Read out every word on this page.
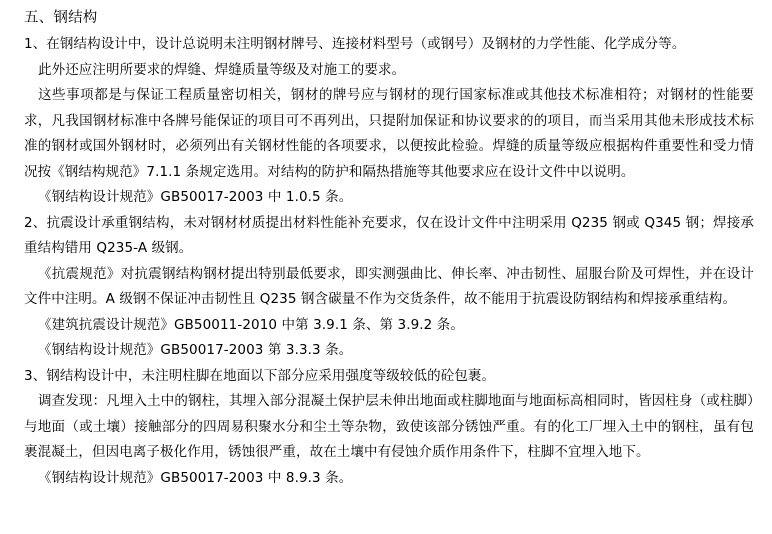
五、钢结构

1、在钢结构设计中，设计总说明未注明钢材牌号、连接材料型号（或钢号）及钢材的力学性能、化学成分等。

此外还应注明所要求的焊缝、焊缝质量等级及对施工的要求。

这些事项都是与保证工程质量密切相关，钢材的牌号应与钢材的现行国家标准或其他技术标准相符；对钢材的性能要求，凡我国钢材标准中各牌号能保证的项目可不再列出，只提附加保证和协议要求的的项目，而当采用其他未形成技术标准的钢材或国外钢材时，必须列出有关钢材性能的各项要求，以便按此检验。焊缝的质量等级应根据构件重要性和受力情况按《钢结构规范》7.1.1 条规定选用。对结构的防护和隔热措施等其他要求应在设计文件中以说明。

《钢结构设计规范》GB50017-2003 中 1.0.5 条。

2、抗震设计承重钢结构，未对钢材材质提出材料性能补充要求，仅在设计文件中注明采用 Q235 钢或 Q345 钢；焊接承重结构错用 Q235-A 级钢。

《抗震规范》对抗震钢结构钢材提出特别最低要求，即实测强曲比、伸长率、冲击韧性、屈服台阶及可焊性，并在设计文件中注明。A 级钢不保证冲击韧性且 Q235 钢含碳量不作为交货条件，故不能用于抗震设防钢结构和焊接承重结构。

《建筑抗震设计规范》GB50011-2010 中第 3.9.1 条、第 3.9.2 条。

《钢结构设计规范》GB50017-2003 第 3.3.3 条。

3、钢结构设计中，未注明柱脚在地面以下部分应采用强度等级较低的砼包裹。

调查发现：凡埋入土中的钢柱，其埋入部分混凝土保护层未伸出地面或柱脚地面与地面标高相同时，皆因柱身（或柱脚）与地面（或土壤）接触部分的四周易积聚水分和尘土等杂物，致使该部分锈蚀严重。有的化工厂埋入土中的钢柱，虽有包裹混凝土，但因电离子极化作用，锈蚀很严重，故在土壤中有侵蚀介质作用条件下，柱脚不宜埋入地下。

《钢结构设计规范》GB50017-2003 中 8.9.3 条。
